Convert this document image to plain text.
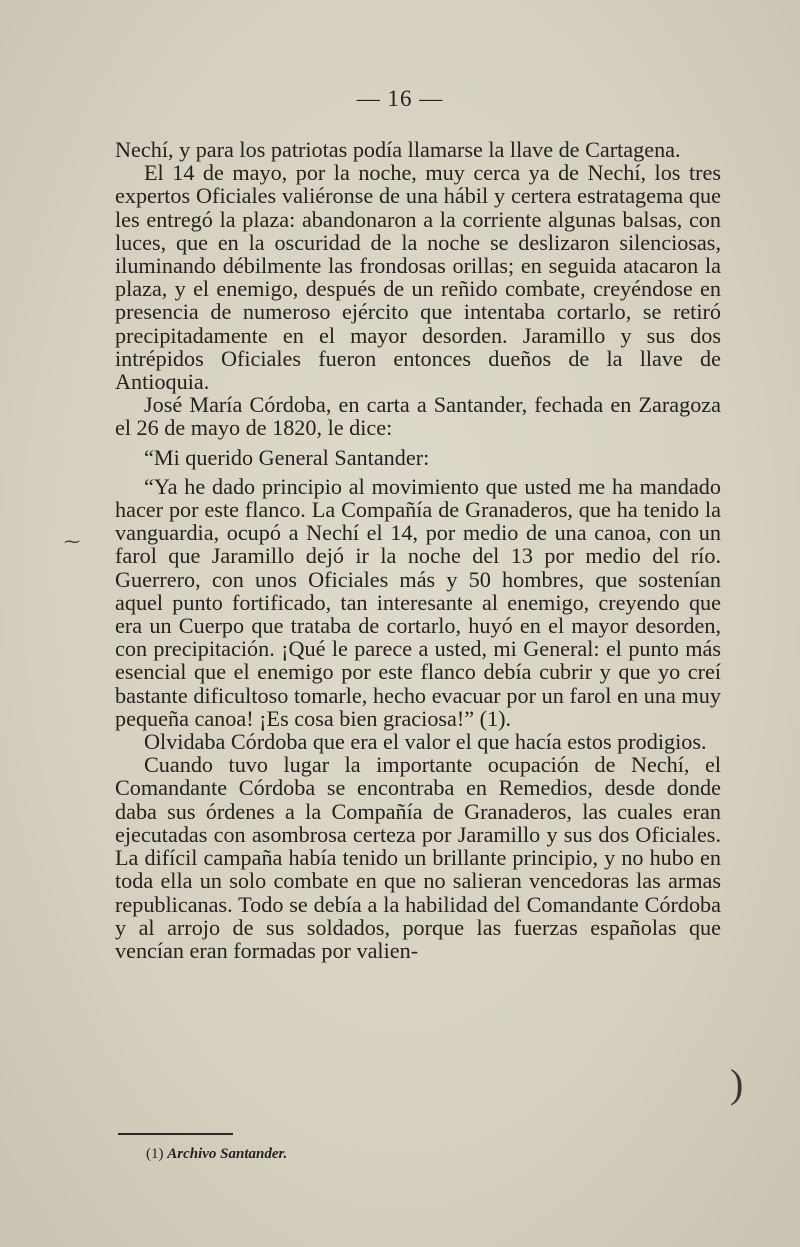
— 16 —

Nechí, y para los patriotas podía llamarse la llave de Cartagena.

El 14 de mayo, por la noche, muy cerca ya de Nechí, los tres expertos Oficiales valiéronse de una hábil y certera estratagema que les entregó la plaza: abandonaron a la corriente algunas balsas, con luces, que en la oscuridad de la noche se deslizaron silenciosas, iluminando débilmente las frondosas orillas; en seguida atacaron la plaza, y el enemigo, después de un reñido combate, creyéndose en presencia de numeroso ejército que intentaba cortarlo, se retiró precipitadamente en el mayor desorden. Jaramillo y sus dos intrépidos Oficiales fueron entonces dueños de la llave de Antioquia.

José María Córdoba, en carta a Santander, fechada en Zaragoza el 26 de mayo de 1820, le dice:

“Mi querido General Santander:

“Ya he dado principio al movimiento que usted me ha mandado hacer por este flanco. La Compañía de Granaderos, que ha tenido la vanguardia, ocupó a Nechí el 14, por medio de una canoa, con un farol que Jaramillo dejó ir la noche del 13 por medio del río. Guerrero, con unos Oficiales más y 50 hombres, que sostenían aquel punto fortificado, tan interesante al enemigo, creyendo que era un Cuerpo que trataba de cortarlo, huyó en el mayor desorden, con precipitación. ¡Qué le parece a usted, mi General: el punto más esencial que el enemigo por este flanco debía cubrir y que yo creí bastante dificultoso tomarle, hecho evacuar por un farol en una muy pequeña canoa! ¡Es cosa bien graciosa!” (1).

Olvidaba Córdoba que era el valor el que hacía estos prodigios.

Cuando tuvo lugar la importante ocupación de Nechí, el Comandante Córdoba se encontraba en Remedios, desde donde daba sus órdenes a la Compañía de Granaderos, las cuales eran ejecutadas con asombrosa certeza por Jaramillo y sus dos Oficiales. La difícil campaña había tenido un brillante principio, y no hubo en toda ella un solo combate en que no salieran vencedoras las armas republicanas. Todo se debía a la habilidad del Comandante Córdoba y al arrojo de sus soldados, porque las fuerzas españolas que vencían eran formadas por valien-

(1) Archivo Santander.
⁓
)
